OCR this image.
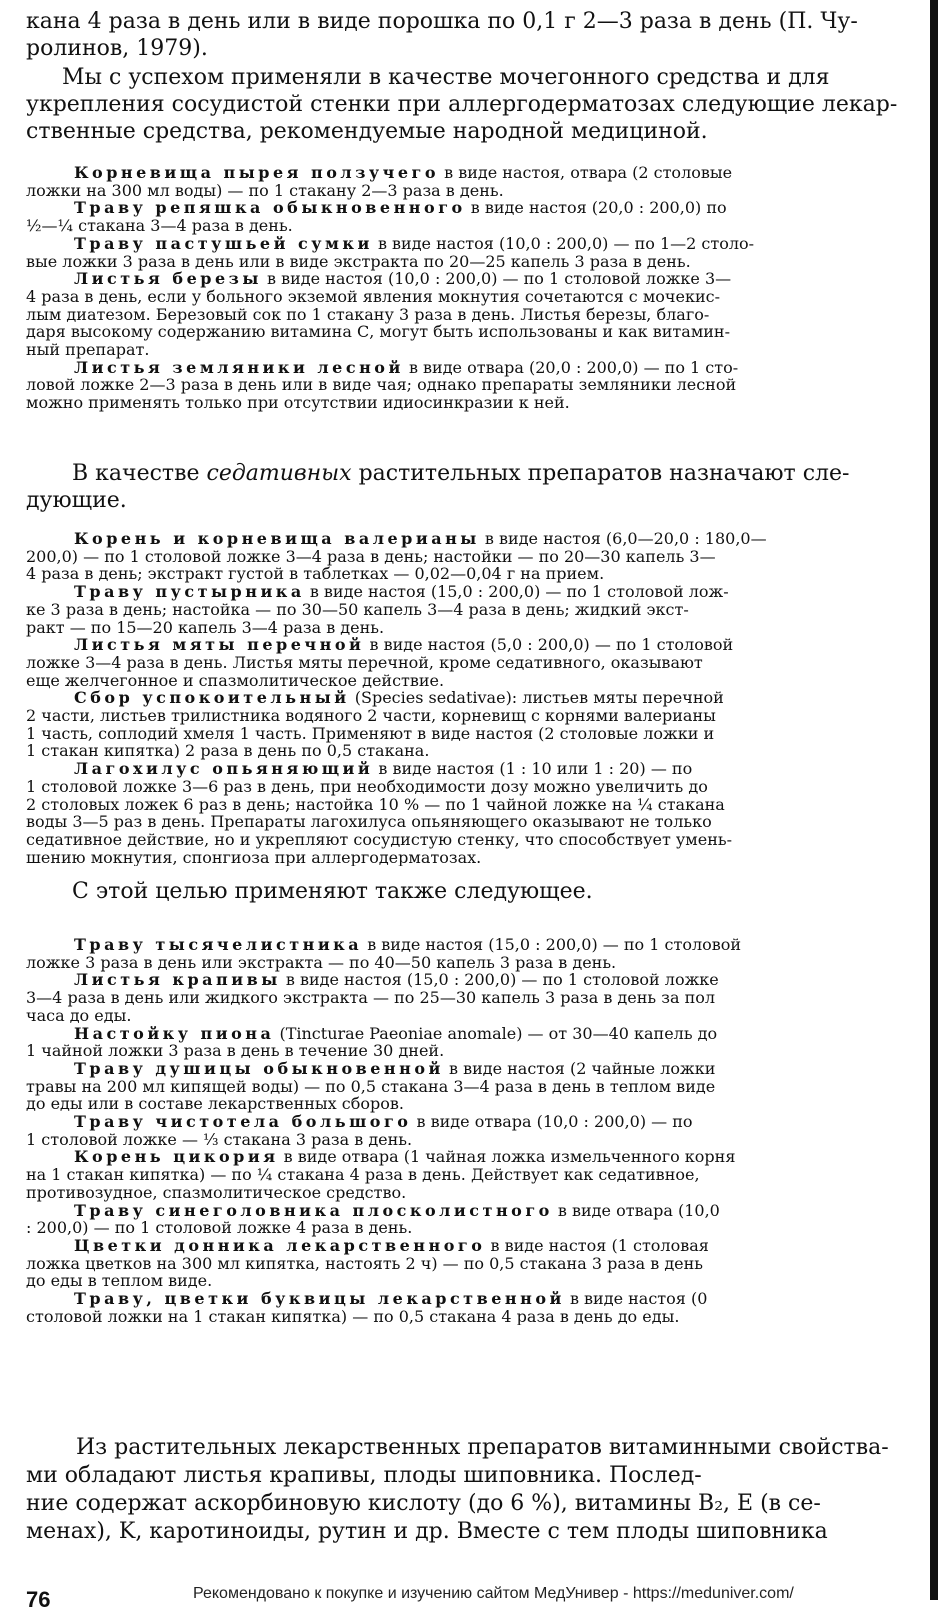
кана 4 раза в день или в виде порошка по 0,1 г 2—3 раза в день (П. Чу-
ролинов, 1979).

Мы с успехом применяли в качестве мочегонного средства и для
укрепления сосудистой стенки при аллергодерматозах следующие лекар-
ственные средства, рекомендуемые народной медициной.

Корневища пырея ползучего в виде настоя, отвара (2 столовые
ложки на 300 мл воды) — по 1 стакану 2—3 раза в день.
Траву репяшка обыкновенного в виде настоя (20,0 : 200,0) по
½—¼ стакана 3—4 раза в день.
Траву пастушьей сумки в виде настоя (10,0 : 200,0) — по 1—2 столо-
вые ложки 3 раза в день или в виде экстракта по 20—25 капель 3 раза в день.
Листья березы в виде настоя (10,0 : 200,0) — по 1 столовой ложке 3—
4 раза в день, если у больного экземой явления мокнутия сочетаются с мочекис-
лым диатезом. Березовый сок по 1 стакану 3 раза в день. Листья березы, благо-
даря высокому содержанию витамина С, могут быть использованы и как витамин-
ный препарат.
Листья земляники лесной в виде отвара (20,0 : 200,0) — по 1 сто-
ловой ложке 2—3 раза в день или в виде чая; однако препараты земляники лесной
можно применять только при отсутствии идиосинкразии к ней.

В качестве седативных растительных препаратов назначают сле-
дующие.

Корень и корневища валерианы в виде настоя (6,0—20,0 : 180,0—
200,0) — по 1 столовой ложке 3—4 раза в день; настойки — по 20—30 капель 3—
4 раза в день; экстракт густой в таблетках — 0,02—0,04 г на прием.
Траву пустырника в виде настоя (15,0 : 200,0) — по 1 столовой лож-
ке 3 раза в день; настойка — по 30—50 капель 3—4 раза в день; жидкий экст-
ракт — по 15—20 капель 3—4 раза в день.
Листья мяты перечной в виде настоя (5,0 : 200,0) — по 1 столовой
ложке 3—4 раза в день. Листья мяты перечной, кроме седативного, оказывают
еще желчегонное и спазмолитическое действие.
Сбор успокоительный (Species sedativae): листьев мяты перечной
2 части, листьев трилистника водяного 2 части, корневищ с корнями валерианы
1 часть, соплодий хмеля 1 часть. Применяют в виде настоя (2 столовые ложки и
1 стакан кипятка) 2 раза в день по 0,5 стакана.
Лагохилус опьяняющий в виде настоя (1 : 10 или 1 : 20) — по
1 столовой ложке 3—6 раз в день, при необходимости дозу можно увеличить до
2 столовых ложек 6 раз в день; настойка 10 % — по 1 чайной ложке на ¼ стакана
воды 3—5 раз в день. Препараты лагохилуса опьяняющего оказывают не только
седативное действие, но и укрепляют сосудистую стенку, что способствует умень-
шению мокнутия, спонгиоза при аллергодерматозах.

С этой целью применяют также следующее.

Траву тысячелистника в виде настоя (15,0 : 200,0) — по 1 столовой
ложке 3 раза в день или экстракта — по 40—50 капель 3 раза в день.
Листья крапивы в виде настоя (15,0 : 200,0) — по 1 столовой ложке
3—4 раза в день или жидкого экстракта — по 25—30 капель 3 раза в день за пол
часа до еды.
Настойку пиона (Tincturae Paeoniae anomale) — от 30—40 капель до
1 чайной ложки 3 раза в день в течение 30 дней.
Траву душицы обыкновенной в виде настоя (2 чайные ложки
травы на 200 мл кипящей воды) — по 0,5 стакана 3—4 раза в день в теплом виде
до еды или в составе лекарственных сборов.
Траву чистотела большого в виде отвара (10,0 : 200,0) — по
1 столовой ложке — ⅓ стакана 3 раза в день.
Корень цикория в виде отвара (1 чайная ложка измельченного корня
на 1 стакан кипятка) — по ¼ стакана 4 раза в день. Действует как седативное,
противозудное, спазмолитическое средство.
Траву синеголовника плосколистного в виде отвара (10,0
: 200,0) — по 1 столовой ложке 4 раза в день.
Цветки донника лекарственного в виде настоя (1 столовая
ложка цветков на 300 мл кипятка, настоять 2 ч) — по 0,5 стакана 3 раза в день
до еды в теплом виде.
Траву, цветки буквицы лекарственной в виде настоя (0
столовой ложки на 1 стакан кипятка) — по 0,5 стакана 4 раза в день до еды.

Из растительных лекарственных препаратов витаминными свойства-
ми обладают листья крапивы, плоды шиповника. Послед-
ние содержат аскорбиновую кислоту (до 6 %), витамины B₂, E (в се-
менах), K, каротиноиды, рутин и др. Вместе с тем плоды шиповника

76	Рекомендовано к покупке и изучению сайтом МедУнивер - https://meduniver.com/
